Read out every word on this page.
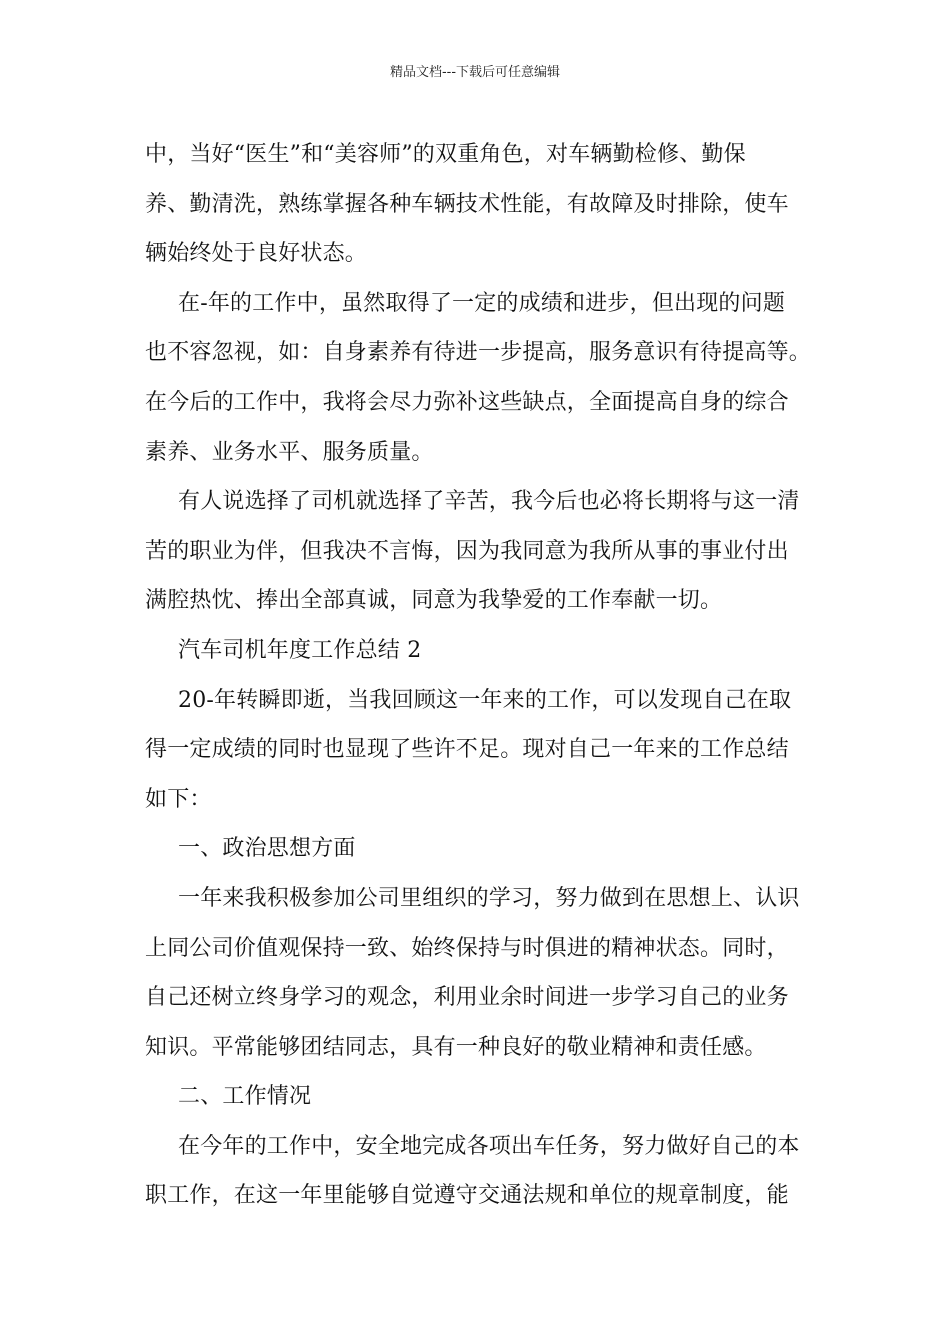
精品文档---下载后可任意编辑
中，当好“医生”和“美容师”的双重角色，对车辆勤检修、勤保
养、勤清洗，熟练掌握各种车辆技术性能，有故障及时排除，使车
辆始终处于良好状态。
在-年的工作中，虽然取得了一定的成绩和进步，但出现的问题
也不容忽视，如：自身素养有待进一步提高，服务意识有待提高等。
在今后的工作中，我将会尽力弥补这些缺点，全面提高自身的综合
素养、业务水平、服务质量。
有人说选择了司机就选择了辛苦，我今后也必将长期将与这一清
苦的职业为伴，但我决不言悔，因为我同意为我所从事的事业付出
满腔热忱、捧出全部真诚，同意为我挚爱的工作奉献一切。
汽车司机年度工作总结 2
20-年转瞬即逝，当我回顾这一年来的工作，可以发现自己在取
得一定成绩的同时也显现了些许不足。现对自己一年来的工作总结
如下：
一、政治思想方面
一年来我积极参加公司里组织的学习，努力做到在思想上、认识
上同公司价值观保持一致、始终保持与时俱进的精神状态。同时，
自己还树立终身学习的观念，利用业余时间进一步学习自己的业务
知识。平常能够团结同志，具有一种良好的敬业精神和责任感。
二、工作情况
在今年的工作中，安全地完成各项出车任务，努力做好自己的本
职工作，在这一年里能够自觉遵守交通法规和单位的规章制度，能
